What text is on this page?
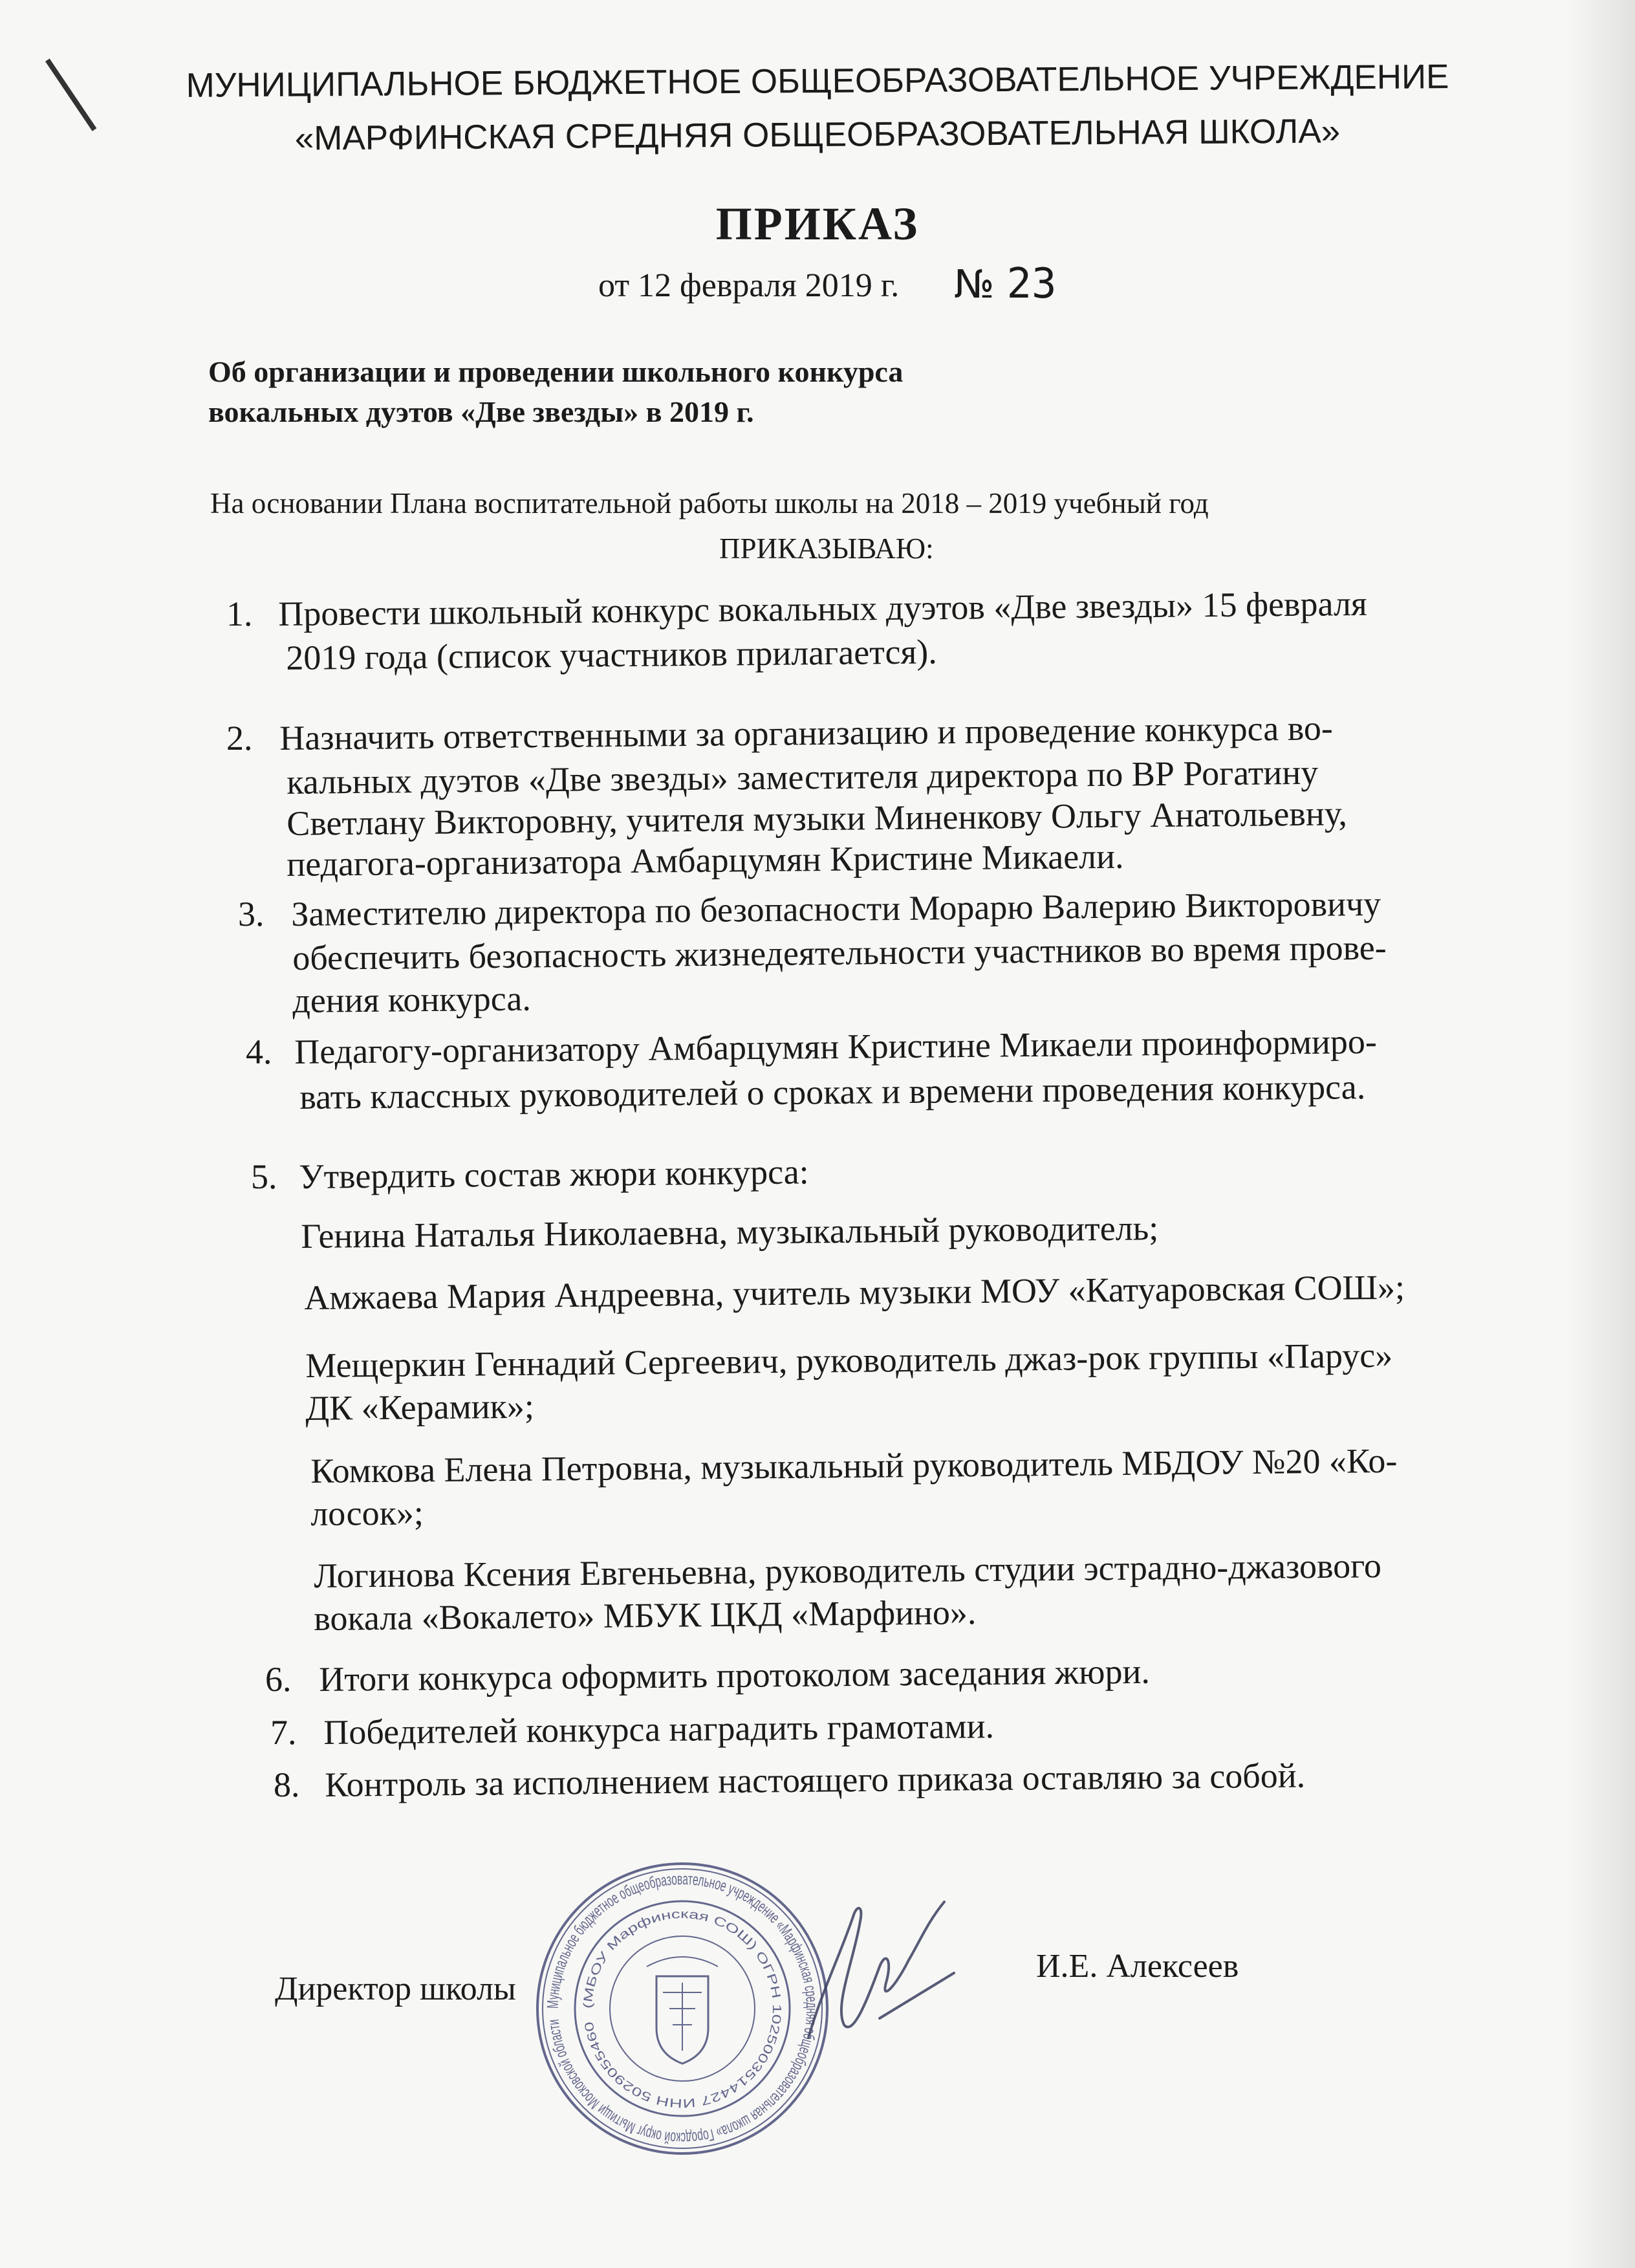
МУНИЦИПАЛЬНОЕ БЮДЖЕТНОЕ ОБЩЕОБРАЗОВАТЕЛЬНОЕ УЧРЕЖДЕНИЕ
«МАРФИНСКАЯ СРЕДНЯЯ ОБЩЕОБРАЗОВАТЕЛЬНАЯ ШКОЛА»
ПРИКАЗ
от 12 февраля 2019 г. № 23
Об организации и проведении школьного конкурса
вокальных дуэтов «Две звезды» в 2019 г.
На основании Плана воспитательной работы школы на 2018 – 2019 учебный год
ПРИКАЗЫВАЮ:
1. Провести школьный конкурс вокальных дуэтов «Две звезды» 15 февраля
2019 года (список участников прилагается).
2. Назначить ответственными за организацию и проведение конкурса во-
кальных дуэтов «Две звезды» заместителя директора по ВР Рогатину
Светлану Викторовну, учителя музыки Миненкову Ольгу Анатольевну,
педагога-организатора Амбарцумян Кристине Микаели.
3. Заместителю директора по безопасности Морарю Валерию Викторовичу
обеспечить безопасность жизнедеятельности участников во время прове-
дения конкурса.
4. Педагогу-организатору Амбарцумян Кристине Микаели проинформиро-
вать классных руководителей о сроках и времени проведения конкурса.
5. Утвердить состав жюри конкурса:
6. Итоги конкурса оформить протоколом заседания жюри.
7. Победителей конкурса наградить грамотами.
8. Контроль за исполнением настоящего приказа оставляю за собой.
Генина Наталья Николаевна, музыкальный руководитель;
Амжаева Мария Андреевна, учитель музыки МОУ «Катуаровская СОШ»;
Мещеркин Геннадий Сергеевич, руководитель джаз-рок группы «Парус»
ДК «Керамик»;
Комкова Елена Петровна, музыкальный руководитель МБДОУ №20 «Ко-
лосок»;
Логинова Ксения Евгеньевна, руководитель студии эстрадно-джазового
вокала «Вокалето» МБУК ЦКД «Марфино».
Директор школы
И.Е. Алексеев
Муниципальное бюджетное общеобразовательное учреждение «Марфинская средняя общеобразовательная школа» Городской округ Мытищи Московской области
(МБОУ Марфинская СОШ) ОГРН 1025003514427 ИНН 5029055460
